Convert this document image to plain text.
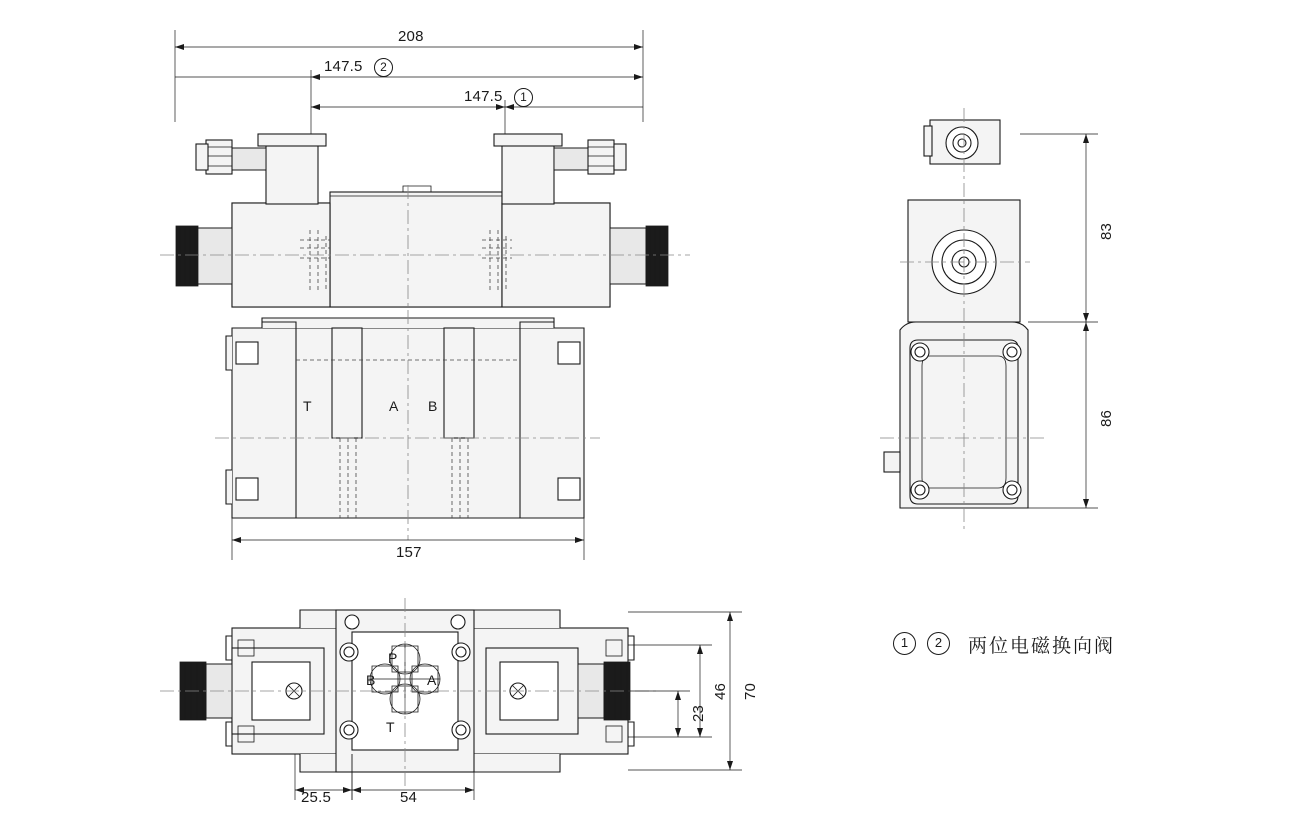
208
147.5	2
147.5	1
T	A B
157
83
86
P
B	A
T
70
46
23
25.5	54
1	2	两位电磁换向阀
